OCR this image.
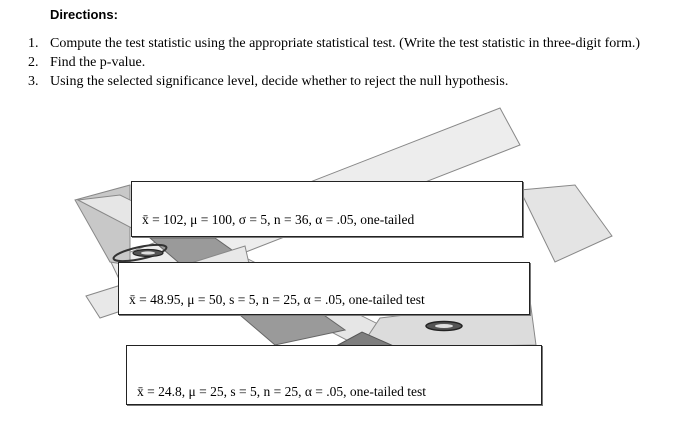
Directions:
1. Compute the test statistic using the appropriate statistical test. (Write the test statistic in three-digit form.)
2. Find the p-value.
3. Using the selected significance level, decide whether to reject the null hypothesis.
x̄ = 102, μ = 100, σ = 5, n = 36, α = .05, one-tailed
x̄ = 48.95, μ = 50, s = 5, n = 25, α = .05, one-tailed test
x̄ = 24.8, μ = 25, s = 5, n = 25, α = .05, one-tailed test
